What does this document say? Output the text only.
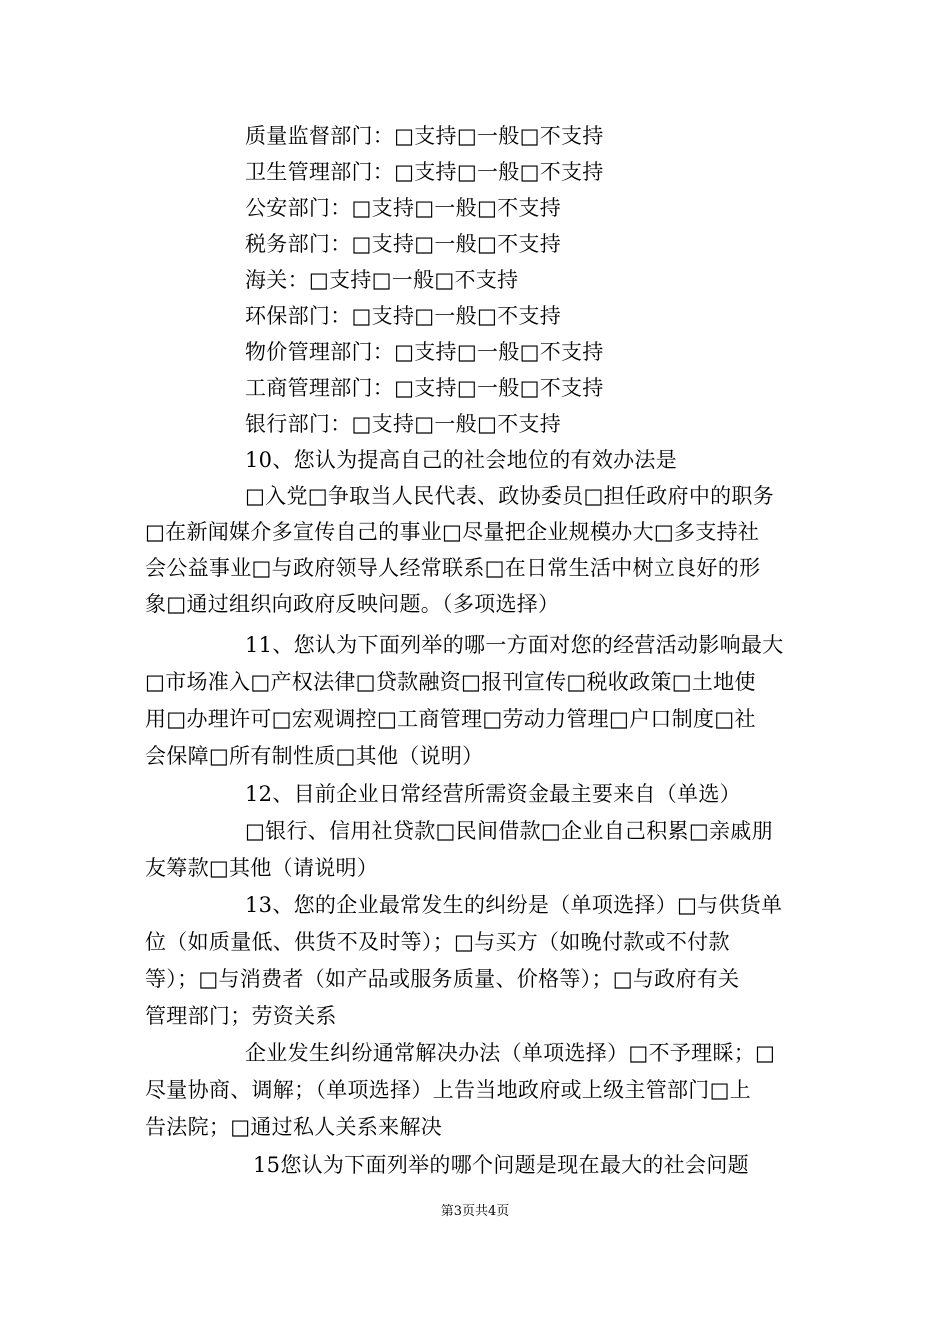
质量监督部门：□支持□一般□不支持
卫生管理部门：□支持□一般□不支持
公安部门：□支持□一般□不支持
税务部门：□支持□一般□不支持
海关：□支持□一般□不支持
环保部门：□支持□一般□不支持
物价管理部门：□支持□一般□不支持
工商管理部门：□支持□一般□不支持
银行部门：□支持□一般□不支持
10、您认为提高自己的社会地位的有效办法是
□入党□争取当人民代表、政协委员□担任政府中的职务
□在新闻媒介多宣传自己的事业□尽量把企业规模办大□多支持社
会公益事业□与政府领导人经常联系□在日常生活中树立良好的形
象□通过组织向政府反映问题。（多项选择）
11、您认为下面列举的哪一方面对您的经营活动影响最大
□市场准入□产权法律□贷款融资□报刊宣传□税收政策□土地使
用□办理许可□宏观调控□工商管理□劳动力管理□户口制度□社
会保障□所有制性质□其他（说明）
12、目前企业日常经营所需资金最主要来自（单选）
□银行、信用社贷款□民间借款□企业自己积累□亲戚朋
友筹款□其他（请说明）
13、您的企业最常发生的纠纷是（单项选择）□与供货单
位（如质量低、供货不及时等）；□与买方（如晚付款或不付款
等）；□与消费者（如产品或服务质量、价格等）；□与政府有关
管理部门；劳资关系
企业发生纠纷通常解决办法（单项选择）□不予理睬；□
尽量协商、调解；（单项选择）上告当地政府或上级主管部门□上
告法院；□通过私人关系来解决
15您认为下面列举的哪个问题是现在最大的社会问题
第3页共4页
